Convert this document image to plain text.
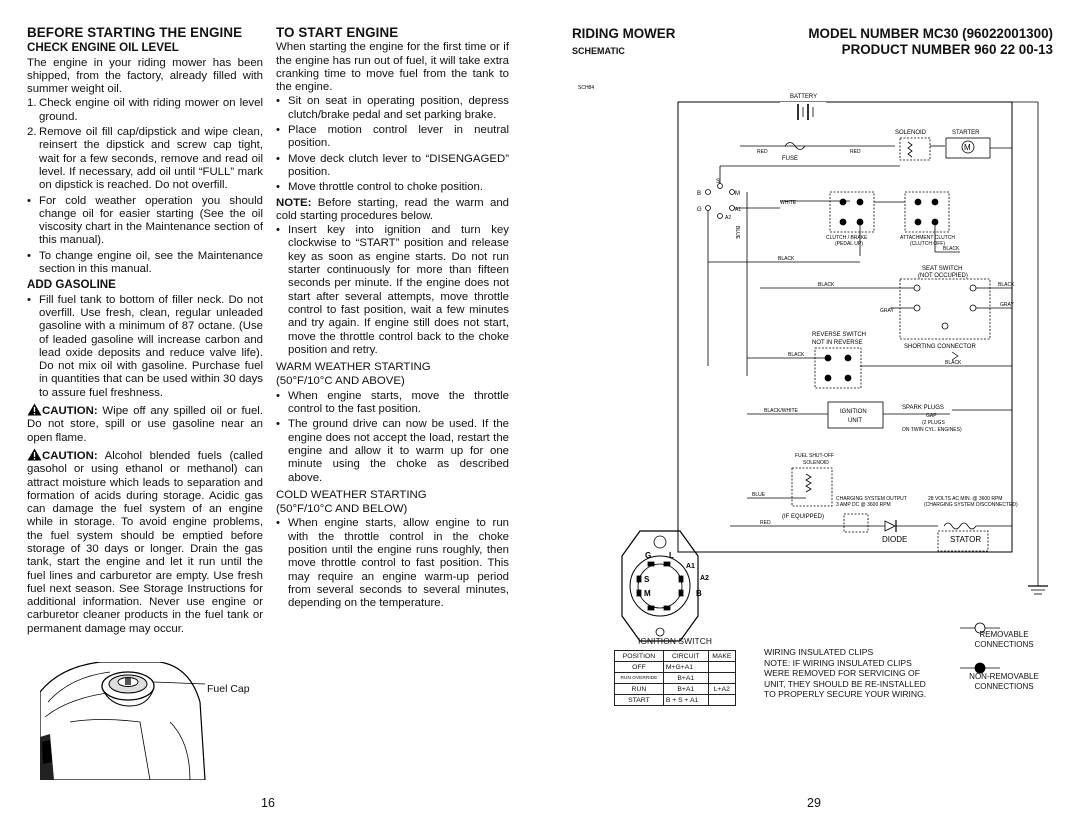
BEFORE STARTING THE ENGINE
CHECK ENGINE OIL LEVEL

The engine in your riding mower has been shipped, from the factory, already filled with summer weight oil.

1. Check engine oil with riding mower on level ground.
2. Remove oil fill cap/dipstick and wipe clean, reinsert the dipstick and screw cap tight, wait for a few seconds, remove and read oil level. If necessary, add oil until “FULL” mark on dipstick is reached. Do not overfill.
• For cold weather operation you should change oil for easier starting (See the oil viscosity chart in the Maintenance section of this manual).
• To change engine oil, see the Maintenance section in this manual.
ADD GASOLINE
• Fill fuel tank to bottom of filler neck. Do not overfill. Use fresh, clean, regular unleaded gasoline with a minimum of 87 octane. (Use of leaded gasoline will increase carbon and lead oxide deposits and reduce valve life). Do not mix oil with gasoline. Purchase fuel in quantities that can be used within 30 days to assure fuel freshness.

CAUTION: Wipe off any spilled oil or fuel. Do not store, spill or use gasoline near an open flame.

CAUTION: Alcohol blended fuels (called gasohol or using ethanol or methanol) can attract moisture which leads to separation and formation of acids during storage. Acidic gas can damage the fuel system of an engine while in storage. To avoid engine problems, the fuel system should be emptied before storage of 30 days or longer. Drain the gas tank, start the engine and let it run until the fuel lines and carburetor are empty. Use fresh fuel next season. See Storage Instructions for additional information. Never use engine or carburetor cleaner products in the fuel tank or permanent damage may occur.

Fuel Cap
16
TO START ENGINE

When starting the engine for the first time or if the engine has run out of fuel, it will take extra cranking time to move fuel from the tank to the engine.

• Sit on seat in operating position, depress clutch/brake pedal and set parking brake.
• Place motion control lever in neutral position.
• Move deck clutch lever to “DISENGAGED” position.
• Move throttle control to choke position.

NOTE: Before starting, read the warm and cold starting procedures below.

• Insert key into ignition and turn key clockwise to “START” position and release key as soon as engine starts. Do not run starter continuously for more than fifteen seconds per minute. If the engine does not start after several attempts, move throttle control to fast position, wait a few minutes and try again. If engine still does not start, move the throttle control back to the choke position and retry.

WARM WEATHER STARTING

(50°F/10°C AND ABOVE)

• When engine starts, move the throttle control to the fast position.
• The ground drive can now be used. If the engine does not accept the load, restart the engine and allow it to warm up for one minute using the choke as described above.

COLD WEATHER STARTING

(50°F/10°C AND BELOW)

• When engine starts, allow engine to run with the throttle control in the choke position until the engine runs roughly, then move throttle control to fast position. This may require an engine warm-up period from several seconds to several minutes, depending on the temperature.
RIDING MOWER
SCHEMATIC
MODEL NUMBER MC30 (96022001300)
PRODUCT NUMBER 960 22 00-13
SCH84
BATTERY
RED	RED
FUSE
SOLENOID	STARTER
M
B
S
M
G	A1
A2
WHITE
BLUE	CLUTCH / BRAKE
(PEDAL UP)
ATTACHMENT CLUTCH
(CLUTCH OFF)
BLACK
BLACK
SEAT SWITCH
(NOT OCCUPIED)
BLACK	BLACK
GRAY
GRAY
REVERSE SWITCH
NOT IN REVERSE
BLACK
SHORTING CONNECTOR
BLACK
BLACK/WHITE	IGNITION
UNIT
SPARK PLUGS
GAP
(2 PLUGS
ON TWIN CYL. ENGINES)
FUEL SHUT-OFF
SOLENOID
BLUE
CHARGING SYSTEM OUTPUT
3 AMP DC @ 3600 RPM
28 VOLTS AC MIN. @ 3600 RPM
(CHARGING SYSTEM DISCONNECTED)
(IF EQUIPPED)
RED
DIODE	STATOR
G L
A1
S	A2
M	B
IGNITION SWITCH
POSITION	CIRCUIT	MAKE
OFF	M+G+A1	
RUN OVERRIDE	B+A1	
RUN	B+A1	L+A2
START	B + S + A1	
WIRING INSULATED CLIPS
NOTE: IF WIRING INSULATED CLIPS WERE REMOVED FOR SERVICING OF UNIT, THEY SHOULD BE RE-INSTALLED TO PROPERLY SECURE YOUR WIRING.
REMOVABLE CONNECTIONS
NON-REMOVABLE CONNECTIONS
29
